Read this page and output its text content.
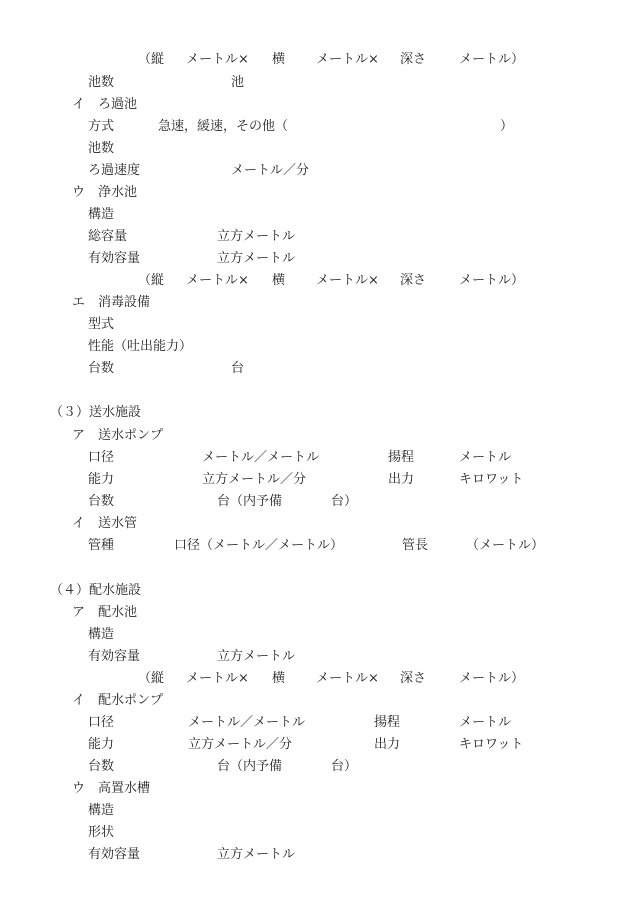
（縦 メートル× 横 メートル× 深さ	メートル）
池数	池
イ　ろ過池
方式	急速，緩速，その他（	）
池数
ろ過速度	メートル／分
ウ　浄水池
構造
総容量	立方メートル
有効容量	立方メートル
（縦 メートル× 横 メートル× 深さ	メートル）
エ　消毒設備
型式
性能（吐出能力）
台数	台
（３）送水施設
ア　送水ポンプ
口径	メートル／メートル	揚程	メートル
能力	立方メートル／分	出力	キロワット
台数	台（内予備	台）
イ　送水管
管種	口径（メートル／メートル）	管長	（メートル）
（４）配水施設
ア　配水池
構造
有効容量	立方メートル
（縦 メートル× 横 メートル× 深さ	メートル）
イ　配水ポンプ
口径	メートル／メートル	揚程	メートル
能力	立方メートル／分	出力	キロワット
台数	台（内予備	台）
ウ　高置水槽
構造
形状
有効容量	立方メートル
